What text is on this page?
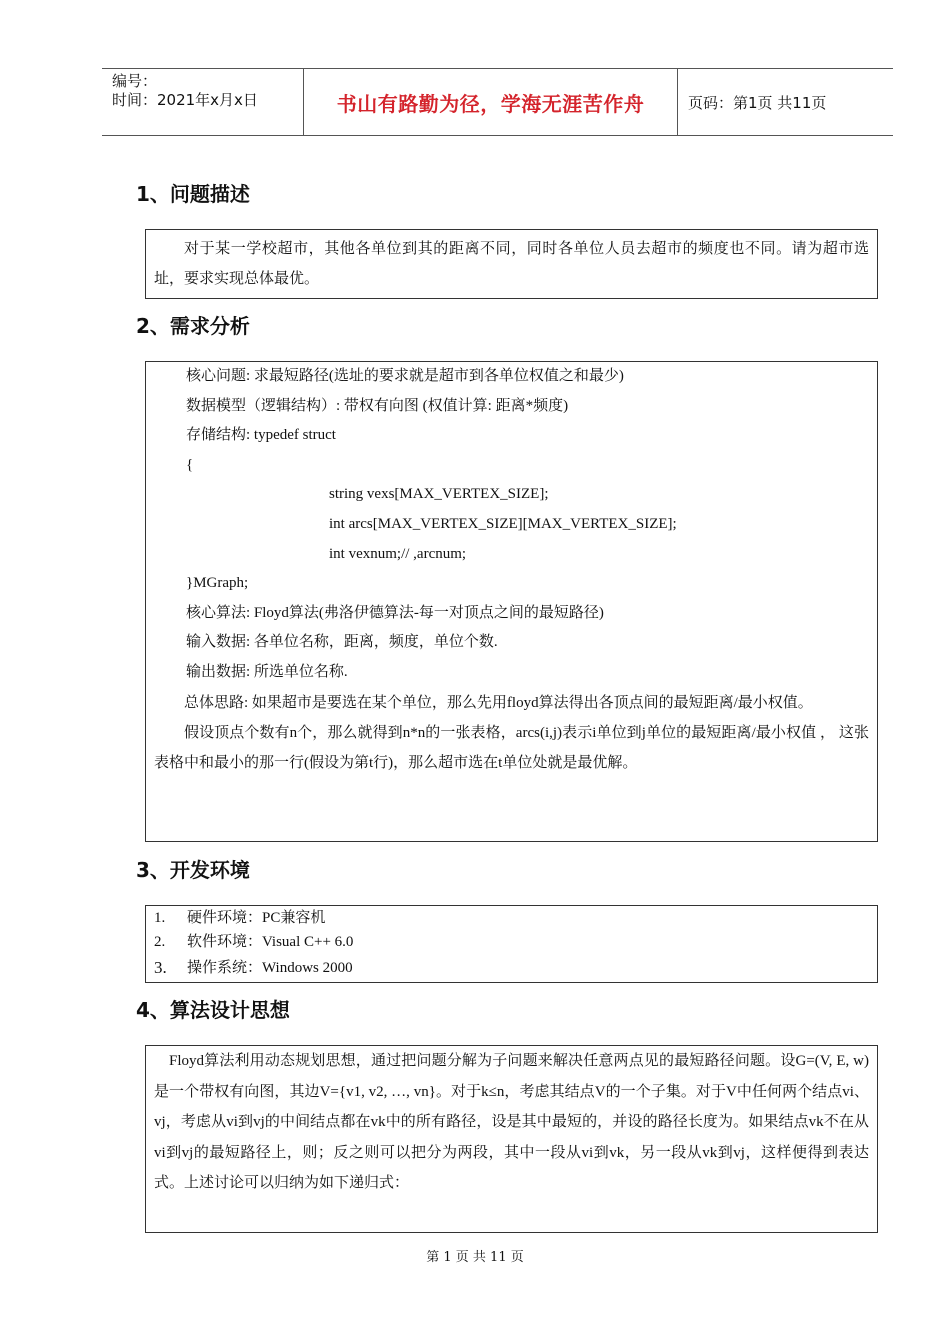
编号：
时间：2021年x月x日	书山有路勤为径，学海无涯苦作舟	页码：第1页 共11页
1、问题描述

对于某一学校超市，其他各单位到其的距离不同，同时各单位人员去超市的频度也不同。请为超市选址，要求实现总体最优。

2、需求分析
核心问题: 求最短路径(选址的要求就是超市到各单位权值之和最少)
数据模型（逻辑结构）: 带权有向图 (权值计算: 距离*频度)
存储结构: typedef struct
{
string vexs[MAX_VERTEX_SIZE];
int arcs[MAX_VERTEX_SIZE][MAX_VERTEX_SIZE];
int vexnum;// ,arcnum;
}MGraph;
核心算法: Floyd算法(弗洛伊德算法-每一对顶点之间的最短路径)
输入数据: 各单位名称，距离，频度，单位个数.
输出数据: 所选单位名称.

总体思路: 如果超市是要选在某个单位，那么先用floyd算法得出各顶点间的最短距离/最小权值。

假设顶点个数有n个，那么就得到n*n的一张表格，arcs(i,j)表示i单位到j单位的最短距离/最小权值 ， 这张表格中和最小的那一行(假设为第t行)，那么超市选在t单位处就是最优解。

3、开发环境
1.	硬件环境：PC兼容机
2.	软件环境：Visual C++ 6.0
3.	操作系统：Windows 2000
4、算法设计思想

Floyd算法利用动态规划思想，通过把问题分解为子问题来解决任意两点见的最短路径问题。设G=(V, E, w)是一个带权有向图，其边V={v1, v2, …, vn}。对于k≤n，考虑其结点V的一个子集。对于V中任何两个结点vi、vj，考虑从vi到vj的中间结点都在vk中的所有路径，设是其中最短的，并设的路径长度为。如果结点vk不在从vi到vj的最短路径上，则；反之则可以把分为两段，其中一段从vi到vk，另一段从vk到vj，这样便得到表达式。上述讨论可以归纳为如下递归式：

第 1 页 共 11 页
